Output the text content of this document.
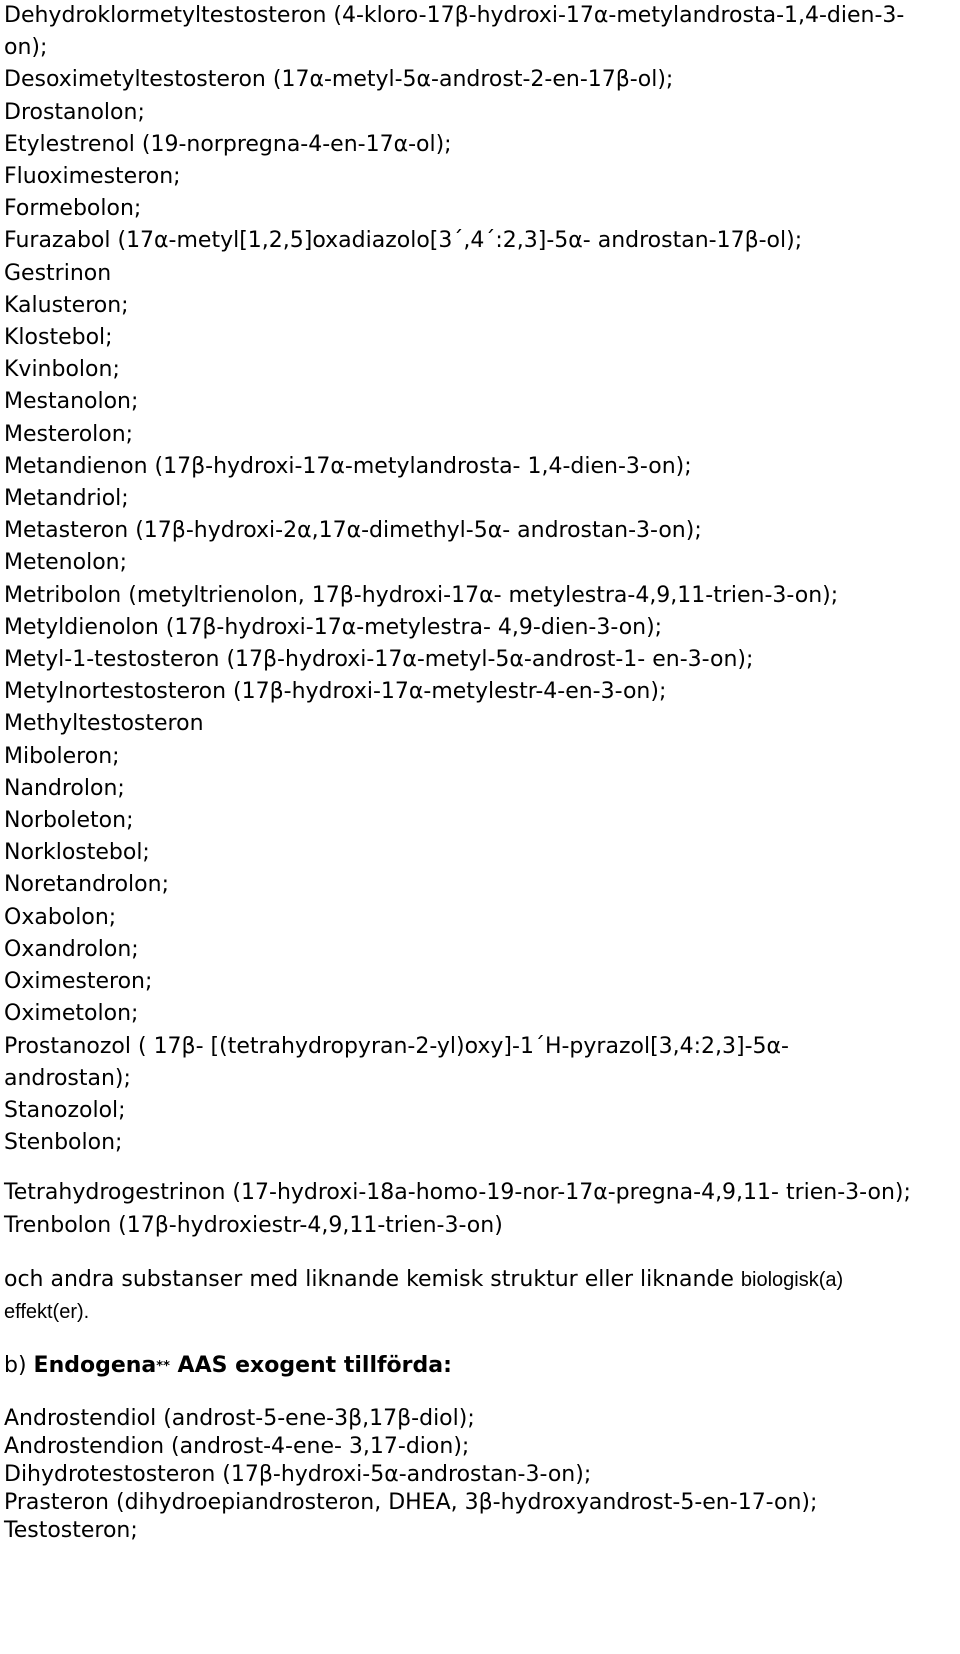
Dehydroklormetyltestosteron (4-kloro-17β-hydroxi-17α-metylandrosta-1,4-dien-3-on);
Desoximetyltestosteron (17α-metyl-5α-androst-2-en-17β-ol);
Drostanolon;
Etylestrenol (19-norpregna-4-en-17α-ol);
Fluoximesteron;
Formebolon;
Furazabol (17α-metyl[1,2,5]oxadiazolo[3´,4´:2,3]-5α- androstan-17β-ol);
Gestrinon
Kalusteron;
Klostebol;
Kvinbolon;
Mestanolon;
Mesterolon;
Metandienon (17β-hydroxi-17α-metylandrosta- 1,4-dien-3-on);
Metandriol;
Metasteron (17β-hydroxi-2α,17α-dimethyl-5α- androstan-3-on);
Metenolon;
Metribolon (metyltrienolon, 17β-hydroxi-17α- metylestra-4,9,11-trien-3-on);
Metyldienolon (17β-hydroxi-17α-metylestra- 4,9-dien-3-on);
Metyl-1-testosteron (17β-hydroxi-17α-metyl-5α-androst-1- en-3-on);
Metylnortestosteron (17β-hydroxi-17α-metylestr-4-en-3-on);
Methyltestosteron
Miboleron;
Nandrolon;
Norboleton;
Norklostebol;
Noretandrolon;
Oxabolon;
Oxandrolon;
Oximesteron;
Oximetolon;
Prostanozol ( 17β- [(tetrahydropyran-2-yl)oxy]-1´H-pyrazol[3,4:2,3]-5α-androstan);
Stanozolol;
Stenbolon;
Tetrahydrogestrinon (17-hydroxi-18a-homo-19-nor-17α-pregna-4,9,11- trien-3-on);
Trenbolon (17β-hydroxiestr-4,9,11-trien-3-on)
och andra substanser med liknande kemisk struktur eller liknande biologisk(a) effekt(er).
b) Endogena** AAS exogent tillförda:
Androstendiol (androst-5-ene-3β,17β-diol);
Androstendion (androst-4-ene- 3,17-dion);
Dihydrotestosteron (17β-hydroxi-5α-androstan-3-on);
Prasteron (dihydroepiandrosteron, DHEA, 3β-hydroxyandrost-5-en-17-on);
Testosteron;
